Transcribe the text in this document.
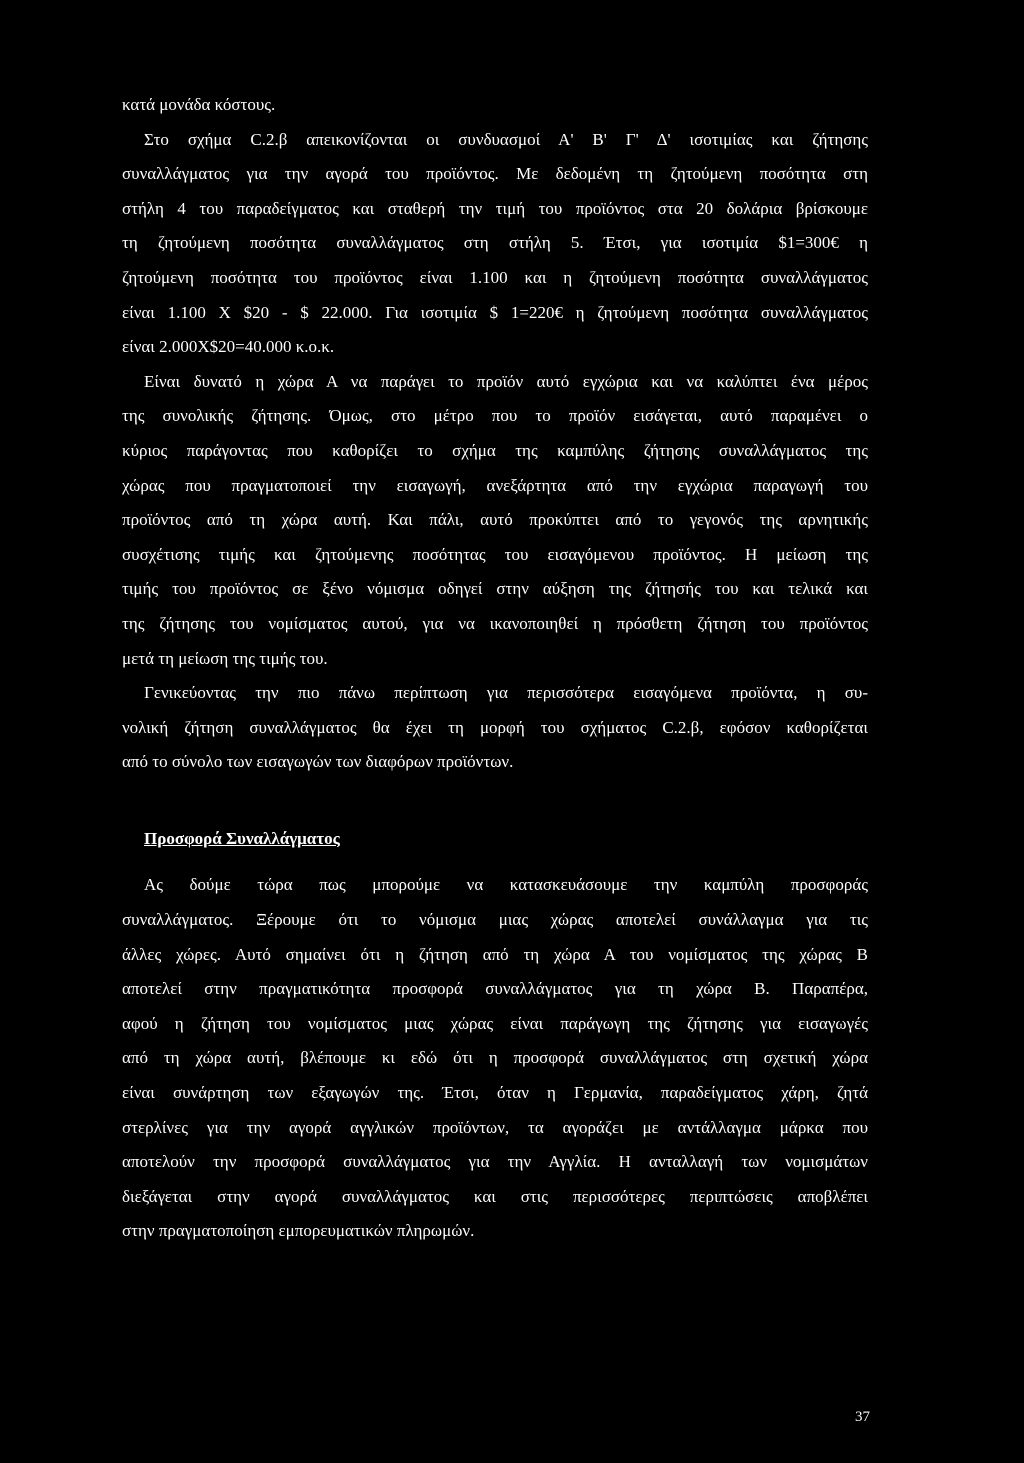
κατά μονάδα κόστους.
Στο σχήμα C.2.β απεικονίζονται οι συνδυασμοί Α' Β' Γ' Δ' ισοτιμίας και ζήτησης
συναλλάγματος για την αγορά του προϊόντος. Με δεδομένη τη ζητούμενη ποσότητα στη
στήλη 4 του παραδείγματος και σταθερή την τιμή του προϊόντος στα 20 δολάρια βρίσκουμε
τη ζητούμενη ποσότητα συναλλάγματος στη στήλη 5. Έτσι, για ισοτιμία $1=300€ η
ζητούμενη ποσότητα του προϊόντος είναι 1.100 και η ζητούμενη ποσότητα συναλλάγματος
είναι 1.100 Χ $20 - $ 22.000. Για ισοτιμία $ 1=220€ η ζητούμενη ποσότητα συναλλάγματος
είναι 2.000Χ$20=40.000 κ.ο.κ.
Είναι δυνατό η χώρα Α να παράγει το προϊόν αυτό εγχώρια και να καλύπτει ένα μέρος
της συνολικής ζήτησης. Όμως, στο μέτρο που το προϊόν εισάγεται, αυτό παραμένει ο
κύριος παράγοντας που καθορίζει το σχήμα της καμπύλης ζήτησης συναλλάγματος της
χώρας που πραγματοποιεί την εισαγωγή, ανεξάρτητα από την εγχώρια παραγωγή του
προϊόντος από τη χώρα αυτή. Και πάλι, αυτό προκύπτει από το γεγονός της αρνητικής
συσχέτισης τιμής και ζητούμενης ποσότητας του εισαγόμενου προϊόντος. Η μείωση της
τιμής του προϊόντος σε ξένο νόμισμα οδηγεί στην αύξηση της ζήτησής του και τελικά και
της ζήτησης του νομίσματος αυτού, για να ικανοποιηθεί η πρόσθετη ζήτηση του προϊόντος
μετά τη μείωση της τιμής του.
Γενικεύοντας την πιο πάνω περίπτωση για περισσότερα εισαγόμενα προϊόντα, η συ-
νολική ζήτηση συναλλάγματος θα έχει τη μορφή του σχήματος C.2.β, εφόσον καθορίζεται
από το σύνολο των εισαγωγών των διαφόρων προϊόντων.
Προσφορά Συναλλάγματος
Ας δούμε τώρα πως μπορούμε να κατασκευάσουμε την καμπύλη προσφοράς
συναλλάγματος. Ξέρουμε ότι το νόμισμα μιας χώρας αποτελεί συνάλλαγμα για τις
άλλες χώρες. Αυτό σημαίνει ότι η ζήτηση από τη χώρα Α του νομίσματος της χώρας Β
αποτελεί στην πραγματικότητα προσφορά συναλλάγματος για τη χώρα Β. Παραπέρα,
αφού η ζήτηση του νομίσματος μιας χώρας είναι παράγωγη της ζήτησης για εισαγωγές
από τη χώρα αυτή, βλέπουμε κι εδώ ότι η προσφορά συναλλάγματος στη σχετική χώρα
είναι συνάρτηση των εξαγωγών της. Έτσι, όταν η Γερμανία, παραδείγματος χάρη, ζητά
στερλίνες για την αγορά αγγλικών προϊόντων, τα αγοράζει με αντάλλαγμα μάρκα που
αποτελούν την προσφορά συναλλάγματος για την Αγγλία. Η ανταλλαγή των νομισμάτων
διεξάγεται στην αγορά συναλλάγματος και στις περισσότερες περιπτώσεις αποβλέπει
στην πραγματοποίηση εμπορευματικών πληρωμών.
37
